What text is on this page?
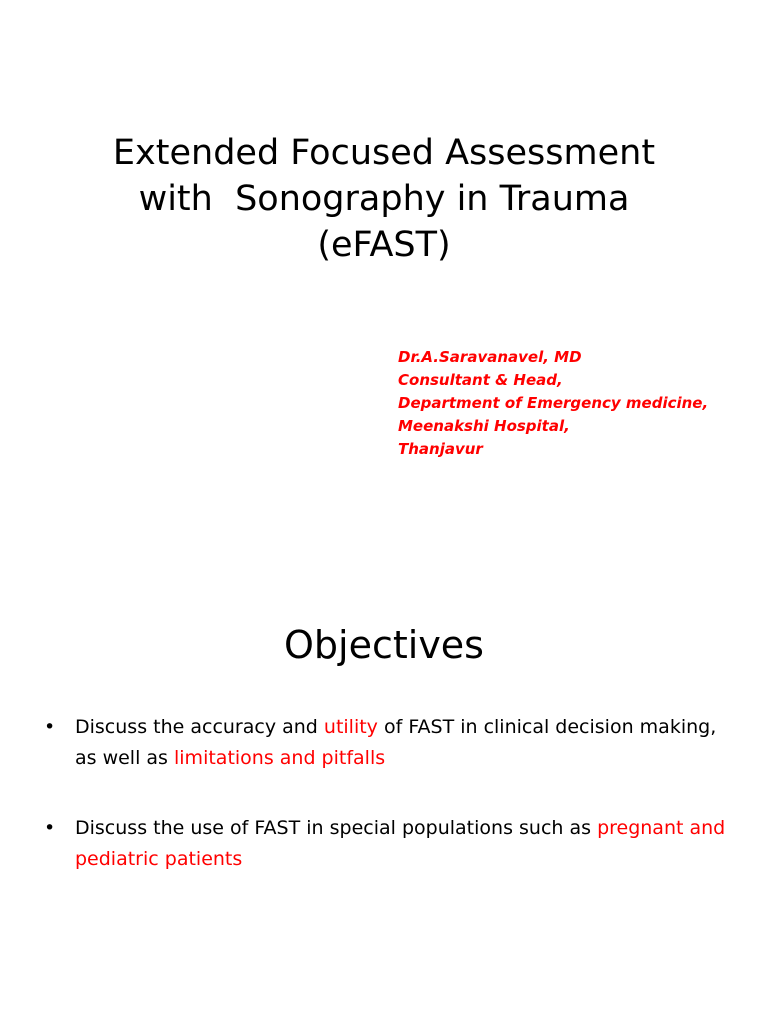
Extended Focused Assessment
with  Sonography in Trauma
(eFAST)
Dr.A.Saravanavel, MD
Consultant & Head,
Department of Emergency medicine,
Meenakshi Hospital,
Thanjavur
Objectives
• Discuss the accuracy and utility of FAST in clinical decision making, as well as limitations and pitfalls
• Discuss the use of FAST in special populations such as pregnant and pediatric patients
